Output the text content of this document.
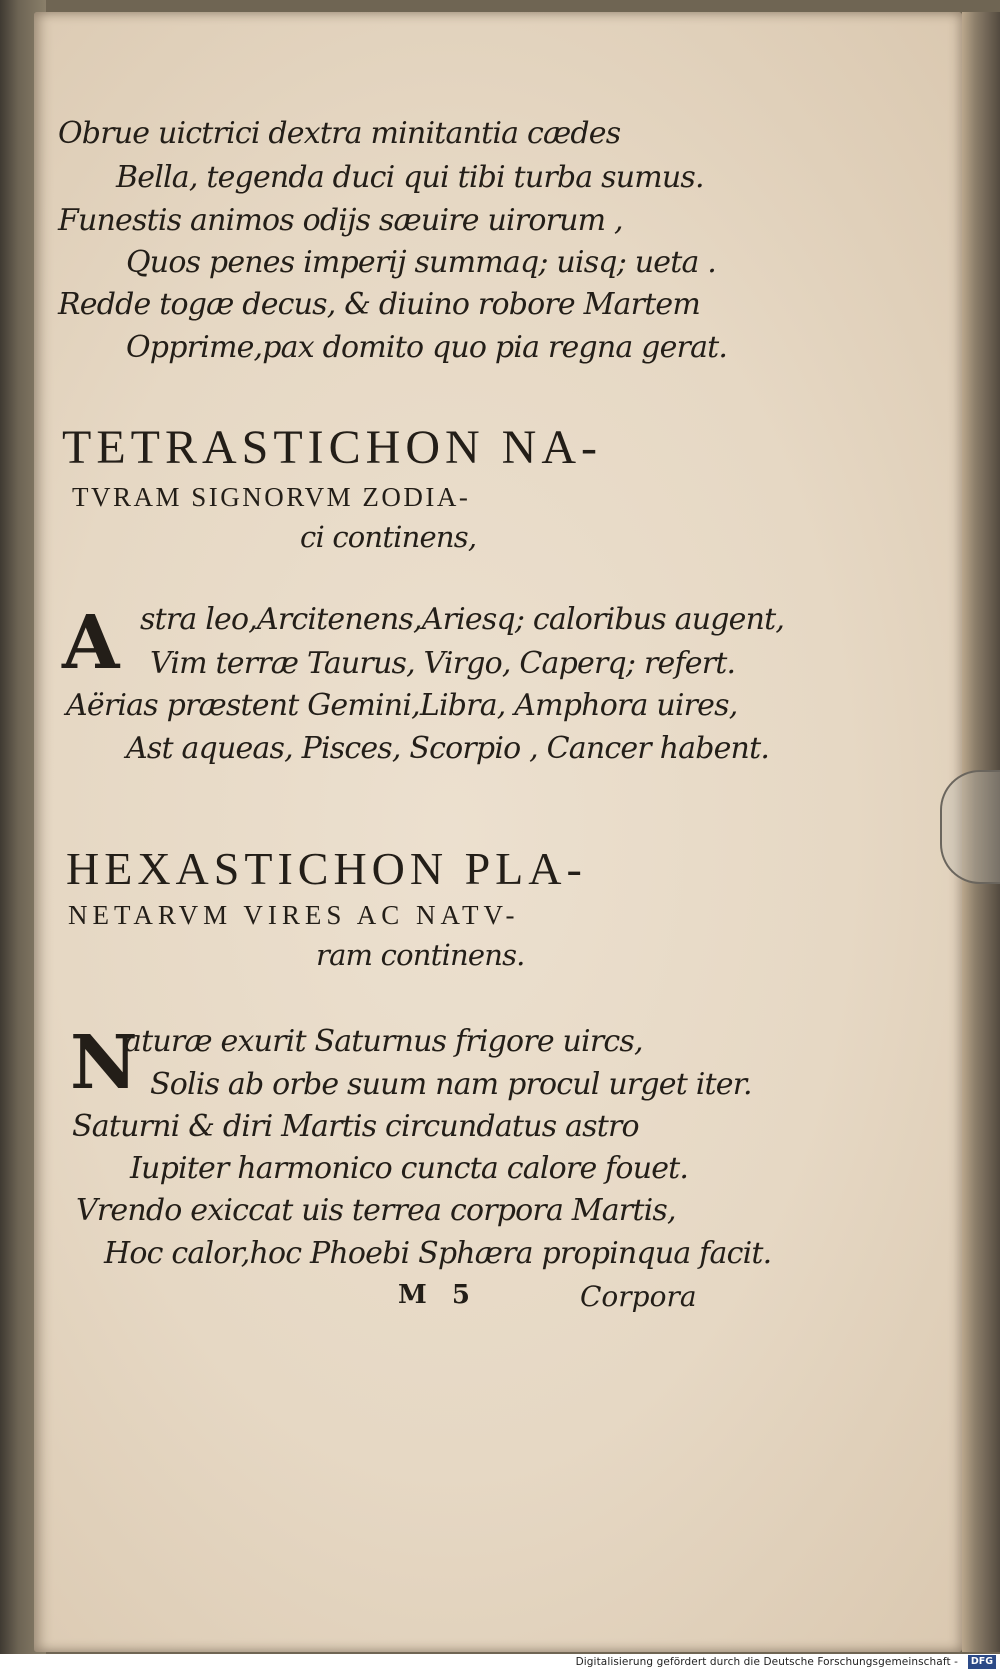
Obrue uictrici dextra minitantia cædes
Bella, tegenda duci qui tibi turba sumus.
Funestis animos odijs sæuire uirorum ,
Quos penes imperij summaq; uisq; ueta .
Redde togæ decus, & diuino robore Martem
Opprime,pax domito quo pia regna gerat.
TETRASTICHON NA-
TVRAM SIGNORVM ZODIA-
ci continens,
A stra leo,Arcitenens,Ariesq; caloribus augent,
Vim terræ Taurus, Virgo, Caperq; refert.
Aërias præstent Gemini,Libra, Amphora uires,
Ast aqueas, Pisces, Scorpio , Cancer habent.
HEXASTICHON PLA-
NETARVM VIRES AC NATV-
ram continens.
N
aturæ exurit Saturnus frigore uircs,
Solis ab orbe suum nam procul urget iter.
Saturni & diri Martis circundatus astro
Iupiter harmonico cuncta calore fouet.
Vrendo exiccat uis terrea corpora Martis,
Hoc calor,hoc Phoebi Sphæra propinqua facit.
M 5	Corpora
Digitalisierung gefördert durch die Deutsche Forschungsgemeinschaft -	DFG
